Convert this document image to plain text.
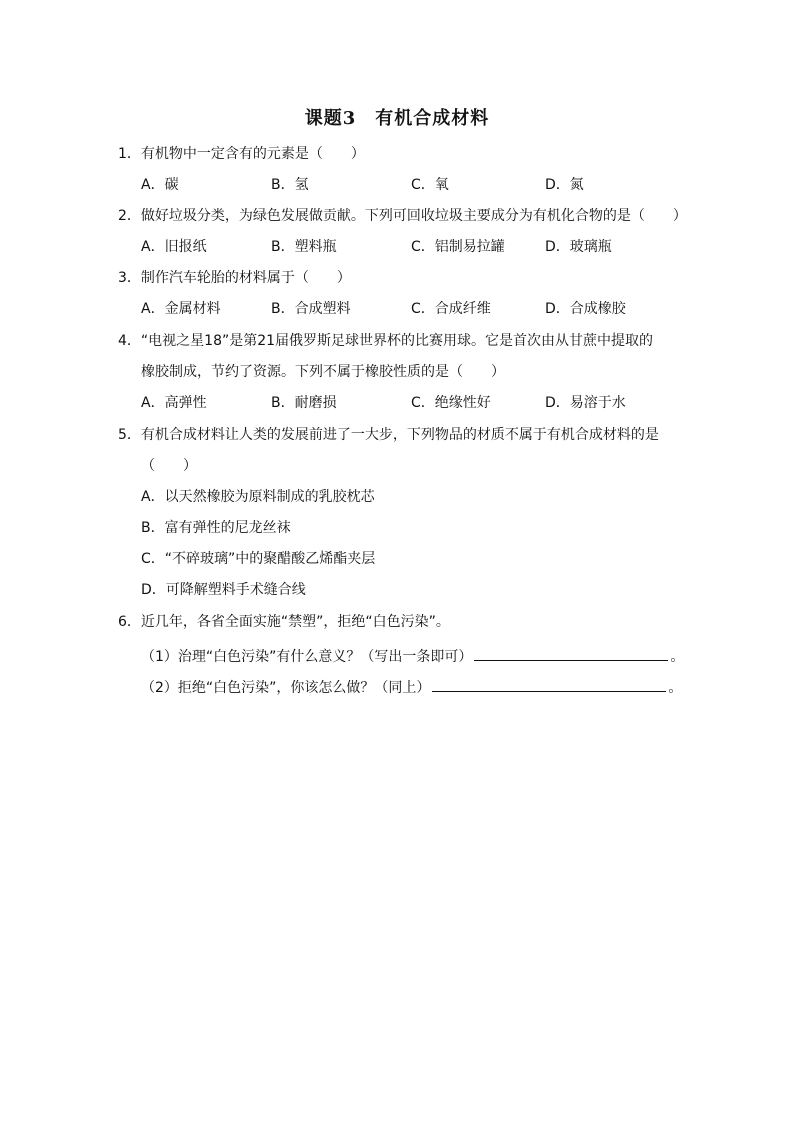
课题3　有机合成材料
1．有机物中一定含有的元素是（　　）
A．碳	B．氢	C．氧	D．氮
2．做好垃圾分类，为绿色发展做贡献。下列可回收垃圾主要成分为有机化合物的是（　　）
A．旧报纸	B．塑料瓶	C．铝制易拉罐	D．玻璃瓶
3．制作汽车轮胎的材料属于（　　）
A．金属材料	B．合成塑料	C．合成纤维	D．合成橡胶
4．“电视之星18”是第21届俄罗斯足球世界杯的比赛用球。它是首次由从甘蔗中提取的
橡胶制成，节约了资源。下列不属于橡胶性质的是（　　）
A．高弹性	B．耐磨损	C．绝缘性好	D．易溶于水
5．有机合成材料让人类的发展前进了一大步，下列物品的材质不属于有机合成材料的是
（　　）
A．以天然橡胶为原料制成的乳胶枕芯
B．富有弹性的尼龙丝袜
C．“不碎玻璃”中的聚醋酸乙烯酯夹层
D．可降解塑料手术缝合线
6．近几年，各省全面实施“禁塑”，拒绝“白色污染”。
（1）治理“白色污染”有什么意义？（写出一条即可）	。
（2）拒绝“白色污染”，你该怎么做？（同上）	。
